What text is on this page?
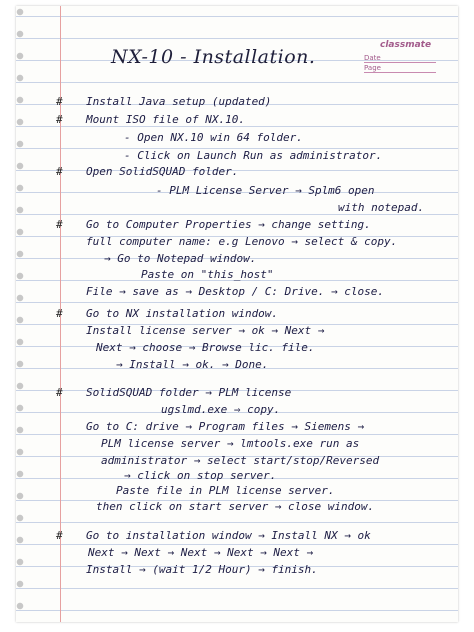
NX-10 - Installation.
classmate
Date
Page
# Install Java setup (updated)
# Mount ISO file of NX.10.
- Open NX.10 win 64 folder.
- Click on Launch Run as administrator.
# Open SolidSQUAD folder.
- PLM License Server → Splm6 open
with notepad.
# Go to Computer Properties → change setting.
full computer name: e.g Lenovo → select & copy.
→ Go to Notepad window.
Paste on "this_host"
File → save as → Desktop / C: Drive. → close.
# Go to NX installation window.
Install license server → ok → Next →
Next → choose → Browse lic. file.
→ Install → ok. → Done.
# SolidSQUAD folder → PLM license
ugslmd.exe ⇒ copy.
Go to C: drive → Program files → Siemens →
PLM license server → lmtools.exe run as
administrator → select start/stop/Reversed
→ click on stop server.
Paste file in PLM license server.
then click on start server → close window.
# Go to installation window → Install NX → ok
Next → Next → Next → Next → Next →
Install → (wait 1/2 Hour) → finish.
